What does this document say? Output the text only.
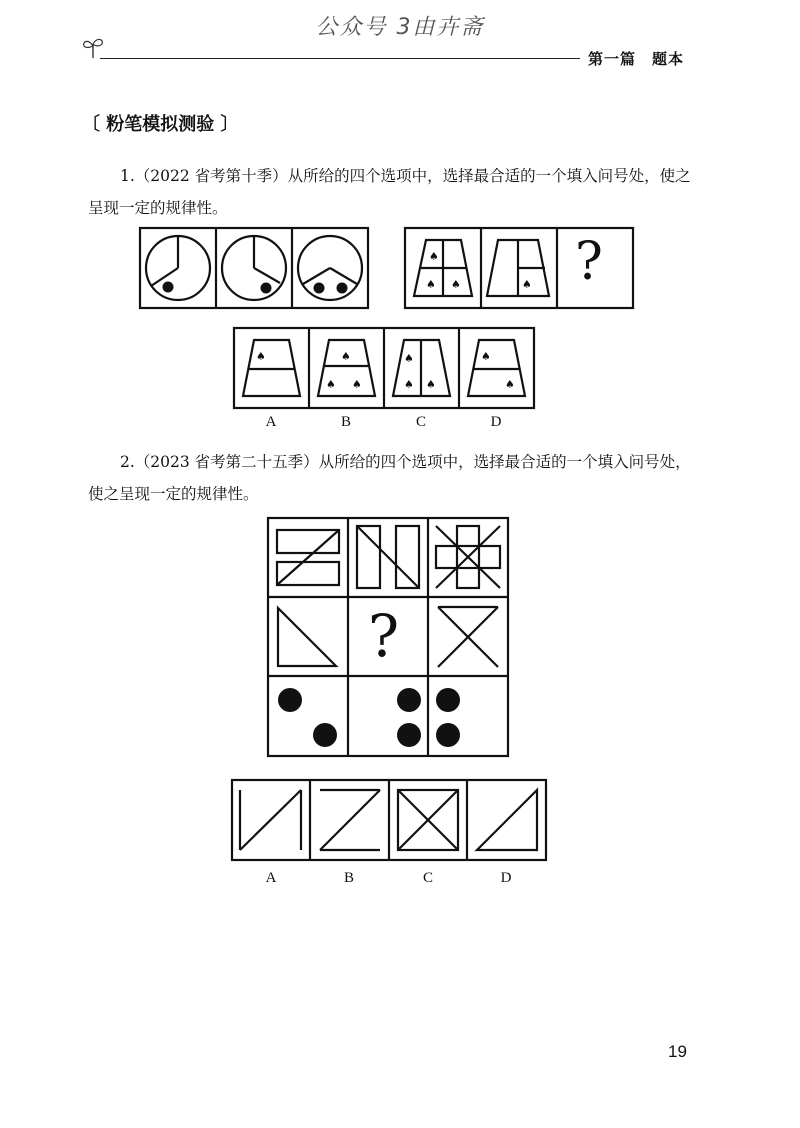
公众号 3由卉斋
第一篇　题本
〔 粉笔模拟测验 〕
1.（2022 省考第十季）从所给的四个选项中，选择最合适的一个填入问号处，使之呈现一定的规律性。
♠
♠ ♠	♠ ?
♠	♠
♠ ♠
♠
♠ ♠
♠
♠
A	B	C	D
2.（2023 省考第二十五季）从所给的四个选项中，选择最合适的一个填入问号处，使之呈现一定的规律性。
?
A	B	C	D
19
